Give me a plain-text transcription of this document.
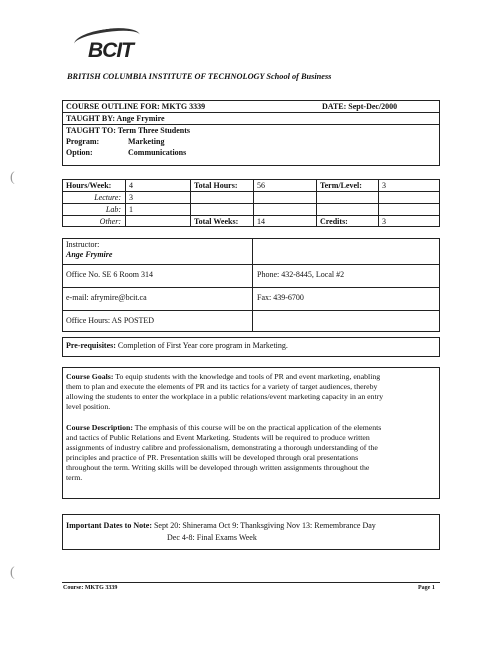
(
(
BCIT
BRITISH COLUMBIA INSTITUTE OF TECHNOLOGY School of Business
COURSE OUTLINE FOR: MKTG 3339	DATE: Sept-Dec/2000
TAUGHT BY: Ange Frymire
TAUGHT TO: Term Three Students
Program:	Marketing
Option:	Communications
Hours/Week: 4	Total Hours: 56	Term/Level:	3
Lecture: 3
Lab: 1
Other:	Total Weeks: 14	Credits:	3
Instructor:
Ange Frymire
Office No. SE 6 Room 314	Phone: 432-8445, Local #2
e-mail: afrymire@bcit.ca	Fax: 439-6700
Office Hours: AS POSTED
Pre-requisites: Completion of First Year core program in Marketing.
Course Goals: To equip students with the knowledge and tools of PR and event marketing, enabling
them to plan and execute the elements of PR and its tactics for a variety of target audiences, thereby
allowing the students to enter the workplace in a public relations/event marketing capacity in an entry
level position.
Course Description: The emphasis of this course will be on the practical application of the elements
and tactics of Public Relations and Event Marketing. Students will be required to produce written
assignments of industry calibre and professionalism, demonstrating a thorough understanding of the
principles and practice of PR. Presentation skills will be developed through oral presentations
throughout the term. Writing skills will be developed through written assignments throughout the
term.
Important Dates to Note: Sept 20: Shinerama Oct 9: Thanksgiving Nov 13: Remembrance Day
Dec 4-8: Final Exams Week
Course: MKTG 3339	Page 1
